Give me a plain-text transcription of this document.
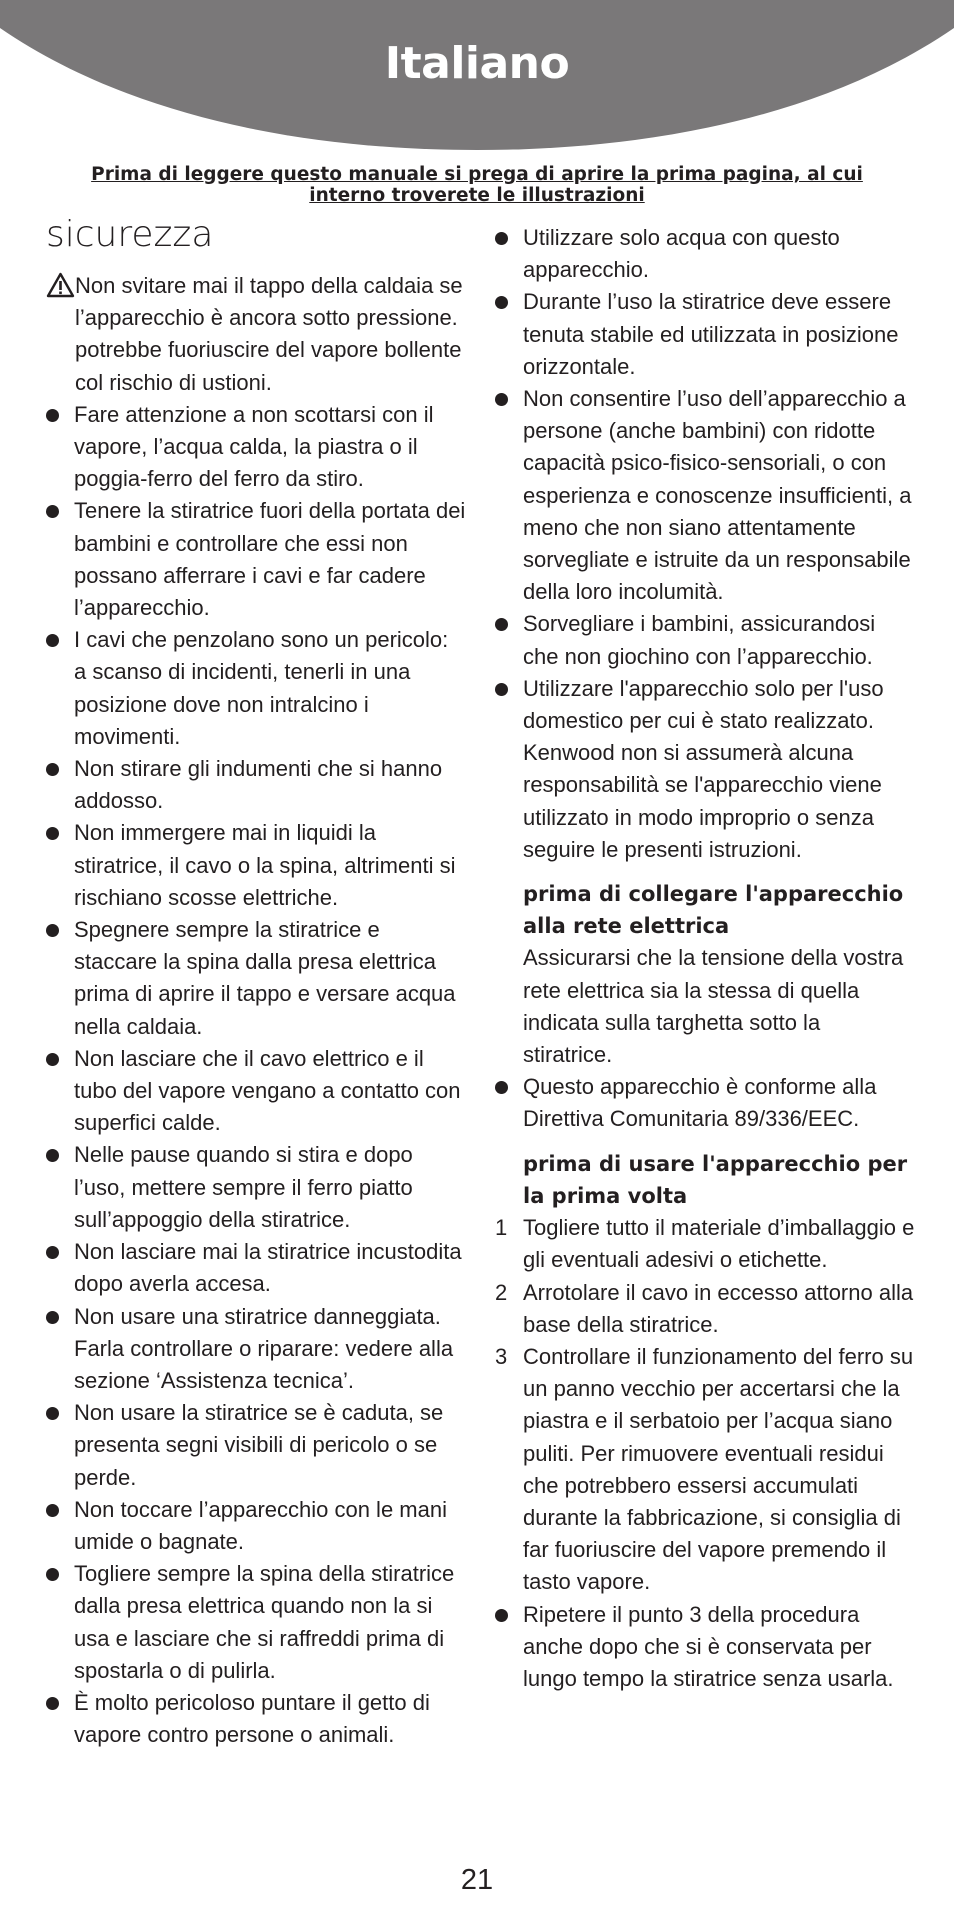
Italiano
Prima di leggere questo manuale si prega di aprire la prima pagina, al cui interno troverete le illustrazioni
sicurezza
Non svitare mai il tappo della caldaia se l’apparecchio è ancora sotto pressione. potrebbe fuoriuscire del vapore bollente col rischio di ustioni.
Fare attenzione a non scottarsi con il vapore, l’acqua calda, la piastra o il poggia-ferro del ferro da stiro.
Tenere la stiratrice fuori della portata dei bambini e controllare che essi non possano afferrare i cavi e far cadere l’apparecchio.
I cavi che penzolano sono un pericolo: a scanso di incidenti, tenerli in una posizione dove non intralcino i movimenti.
Non stirare gli indumenti che si hanno addosso.
Non immergere mai in liquidi la stiratrice, il cavo o la spina, altrimenti si rischiano scosse elettriche.
Spegnere sempre la stiratrice e staccare la spina dalla presa elettrica prima di aprire il tappo e versare acqua nella caldaia.
Non lasciare che il cavo elettrico e il tubo del vapore vengano a contatto con superfici calde.
Nelle pause quando si stira e dopo l’uso, mettere sempre il ferro piatto sull’appoggio della stiratrice.
Non lasciare mai la stiratrice incustodita dopo averla accesa.
Non usare una stiratrice danneggiata. Farla controllare o riparare: vedere alla sezione ‘Assistenza tecnica’.
Non usare la stiratrice se è caduta, se presenta segni visibili di pericolo o se perde.
Non toccare l’apparecchio con le mani umide o bagnate.
Togliere sempre la spina della stiratrice dalla presa elettrica quando non la si usa e lasciare che si raffreddi prima di spostarla o di pulirla.
È molto pericoloso puntare il getto di vapore contro persone o animali.
Utilizzare solo acqua con questo apparecchio.
Durante l’uso la stiratrice deve essere tenuta stabile ed utilizzata in posizione orizzontale.
Non consentire l’uso dell’apparecchio a persone (anche bambini) con ridotte capacità psico-fisico-sensoriali, o con esperienza e conoscenze insufficienti, a meno che non siano attentamente sorvegliate e istruite da un responsabile della loro incolumità.
Sorvegliare i bambini, assicurandosi che non giochino con l’apparecchio.
Utilizzare l'apparecchio solo per l'uso domestico per cui è stato realizzato. Kenwood non si assumerà alcuna responsabilità se l'apparecchio viene utilizzato in modo improprio o senza seguire le presenti istruzioni.
prima di collegare l'apparecchio alla rete elettrica
Assicurarsi che la tensione della vostra rete elettrica sia la stessa di quella indicata sulla targhetta sotto la stiratrice.
Questo apparecchio è conforme alla Direttiva Comunitaria 89/336/EEC.
prima di usare l'apparecchio per la prima volta
1 Togliere tutto il materiale d’imballaggio e gli eventuali adesivi o etichette.
2 Arrotolare il cavo in eccesso attorno alla base della stiratrice.
3 Controllare il funzionamento del ferro su un panno vecchio per accertarsi che la piastra e il serbatoio per l’acqua siano puliti. Per rimuovere eventuali residui che potrebbero essersi accumulati durante la fabbricazione, si consiglia di far fuoriuscire del vapore premendo il tasto vapore.
Ripetere il punto 3 della procedura anche dopo che si è conservata per lungo tempo la stiratrice senza usarla.
21
